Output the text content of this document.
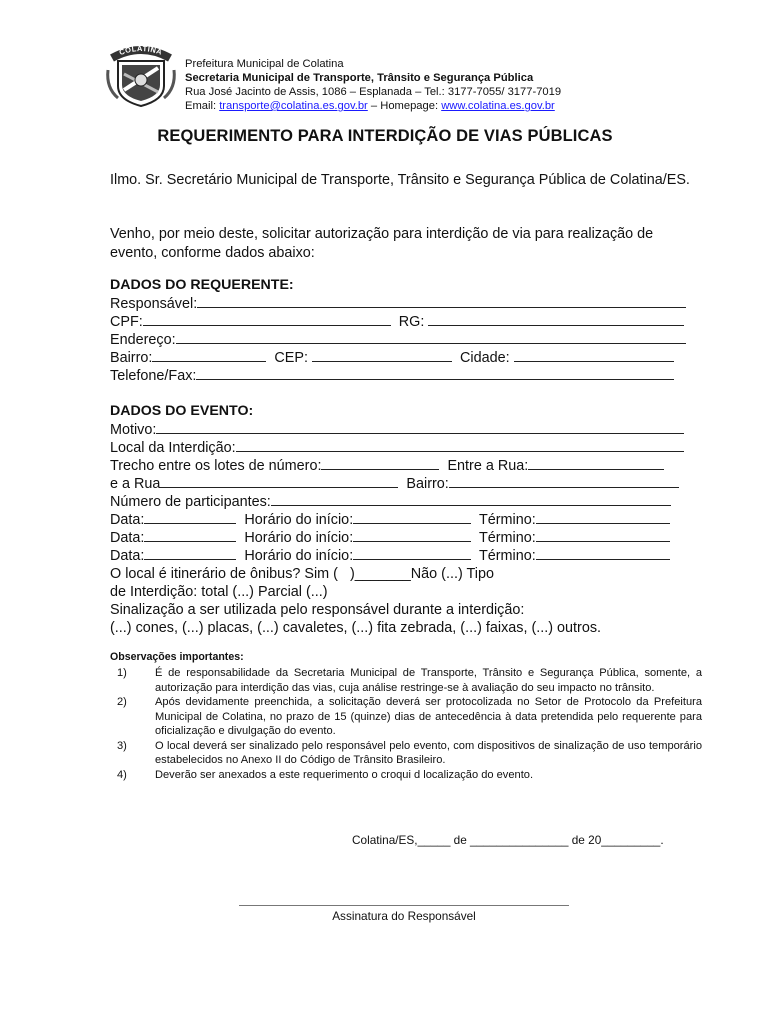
COLATINA
Prefeitura Municipal de Colatina
Secretaria Municipal de Transporte, Trânsito e Segurança Pública
Rua José Jacinto de Assis, 1086 – Esplanada – Tel.: 3177-7055/ 3177-7019
Email: transporte@colatina.es.gov.br – Homepage: www.colatina.es.gov.br
REQUERIMENTO PARA INTERDIÇÃO DE VIAS PÚBLICAS
Ilmo. Sr. Secretário Municipal de Transporte, Trânsito e Segurança Pública de Colatina/ES.
Venho, por meio deste, solicitar autorização para interdição de via para realização de evento, conforme dados abaixo:
DADOS DO REQUERENTE:
Responsável:
CPF:	RG:
Endereço:
Bairro:	CEP:	Cidade:
Telefone/Fax:
DADOS DO EVENTO:
Motivo:
Local da Interdição:
Trecho entre os lotes de número:	Entre a Rua:
e a Rua	Bairro:
Número de participantes:
Data:	Horário do início:	Término:
Data:	Horário do início:	Término:
Data:	Horário do início:	Término:
O local é itinerário de ônibus? Sim ( )_______Não (...) Tipo
de Interdição: total (...) Parcial (...)
Sinalização a ser utilizada pelo responsável durante a interdição:
(...) cones, (...) placas, (...) cavaletes, (...) fita zebrada, (...) faixas, (...) outros.
Observações importantes:
1)	É de responsabilidade da Secretaria Municipal de Transporte, Trânsito e Segurança Pública, somente, a autorização para interdição das vias, cuja análise restringe-se à avaliação do seu impacto no trânsito.
2)	Após devidamente preenchida, a solicitação deverá ser protocolizada no Setor de Protocolo da Prefeitura Municipal de Colatina, no prazo de 15 (quinze) dias de antecedência à data pretendida pelo requerente para oficialização e divulgação do evento.
3)	O local deverá ser sinalizado pelo responsável pelo evento, com dispositivos de sinalização de uso temporário estabelecidos no Anexo II do Código de Trânsito Brasileiro.
4)	Deverão ser anexados a este requerimento o croqui d localização do evento.
Colatina/ES,_____ de _______________ de 20_________.
Assinatura do Responsável
